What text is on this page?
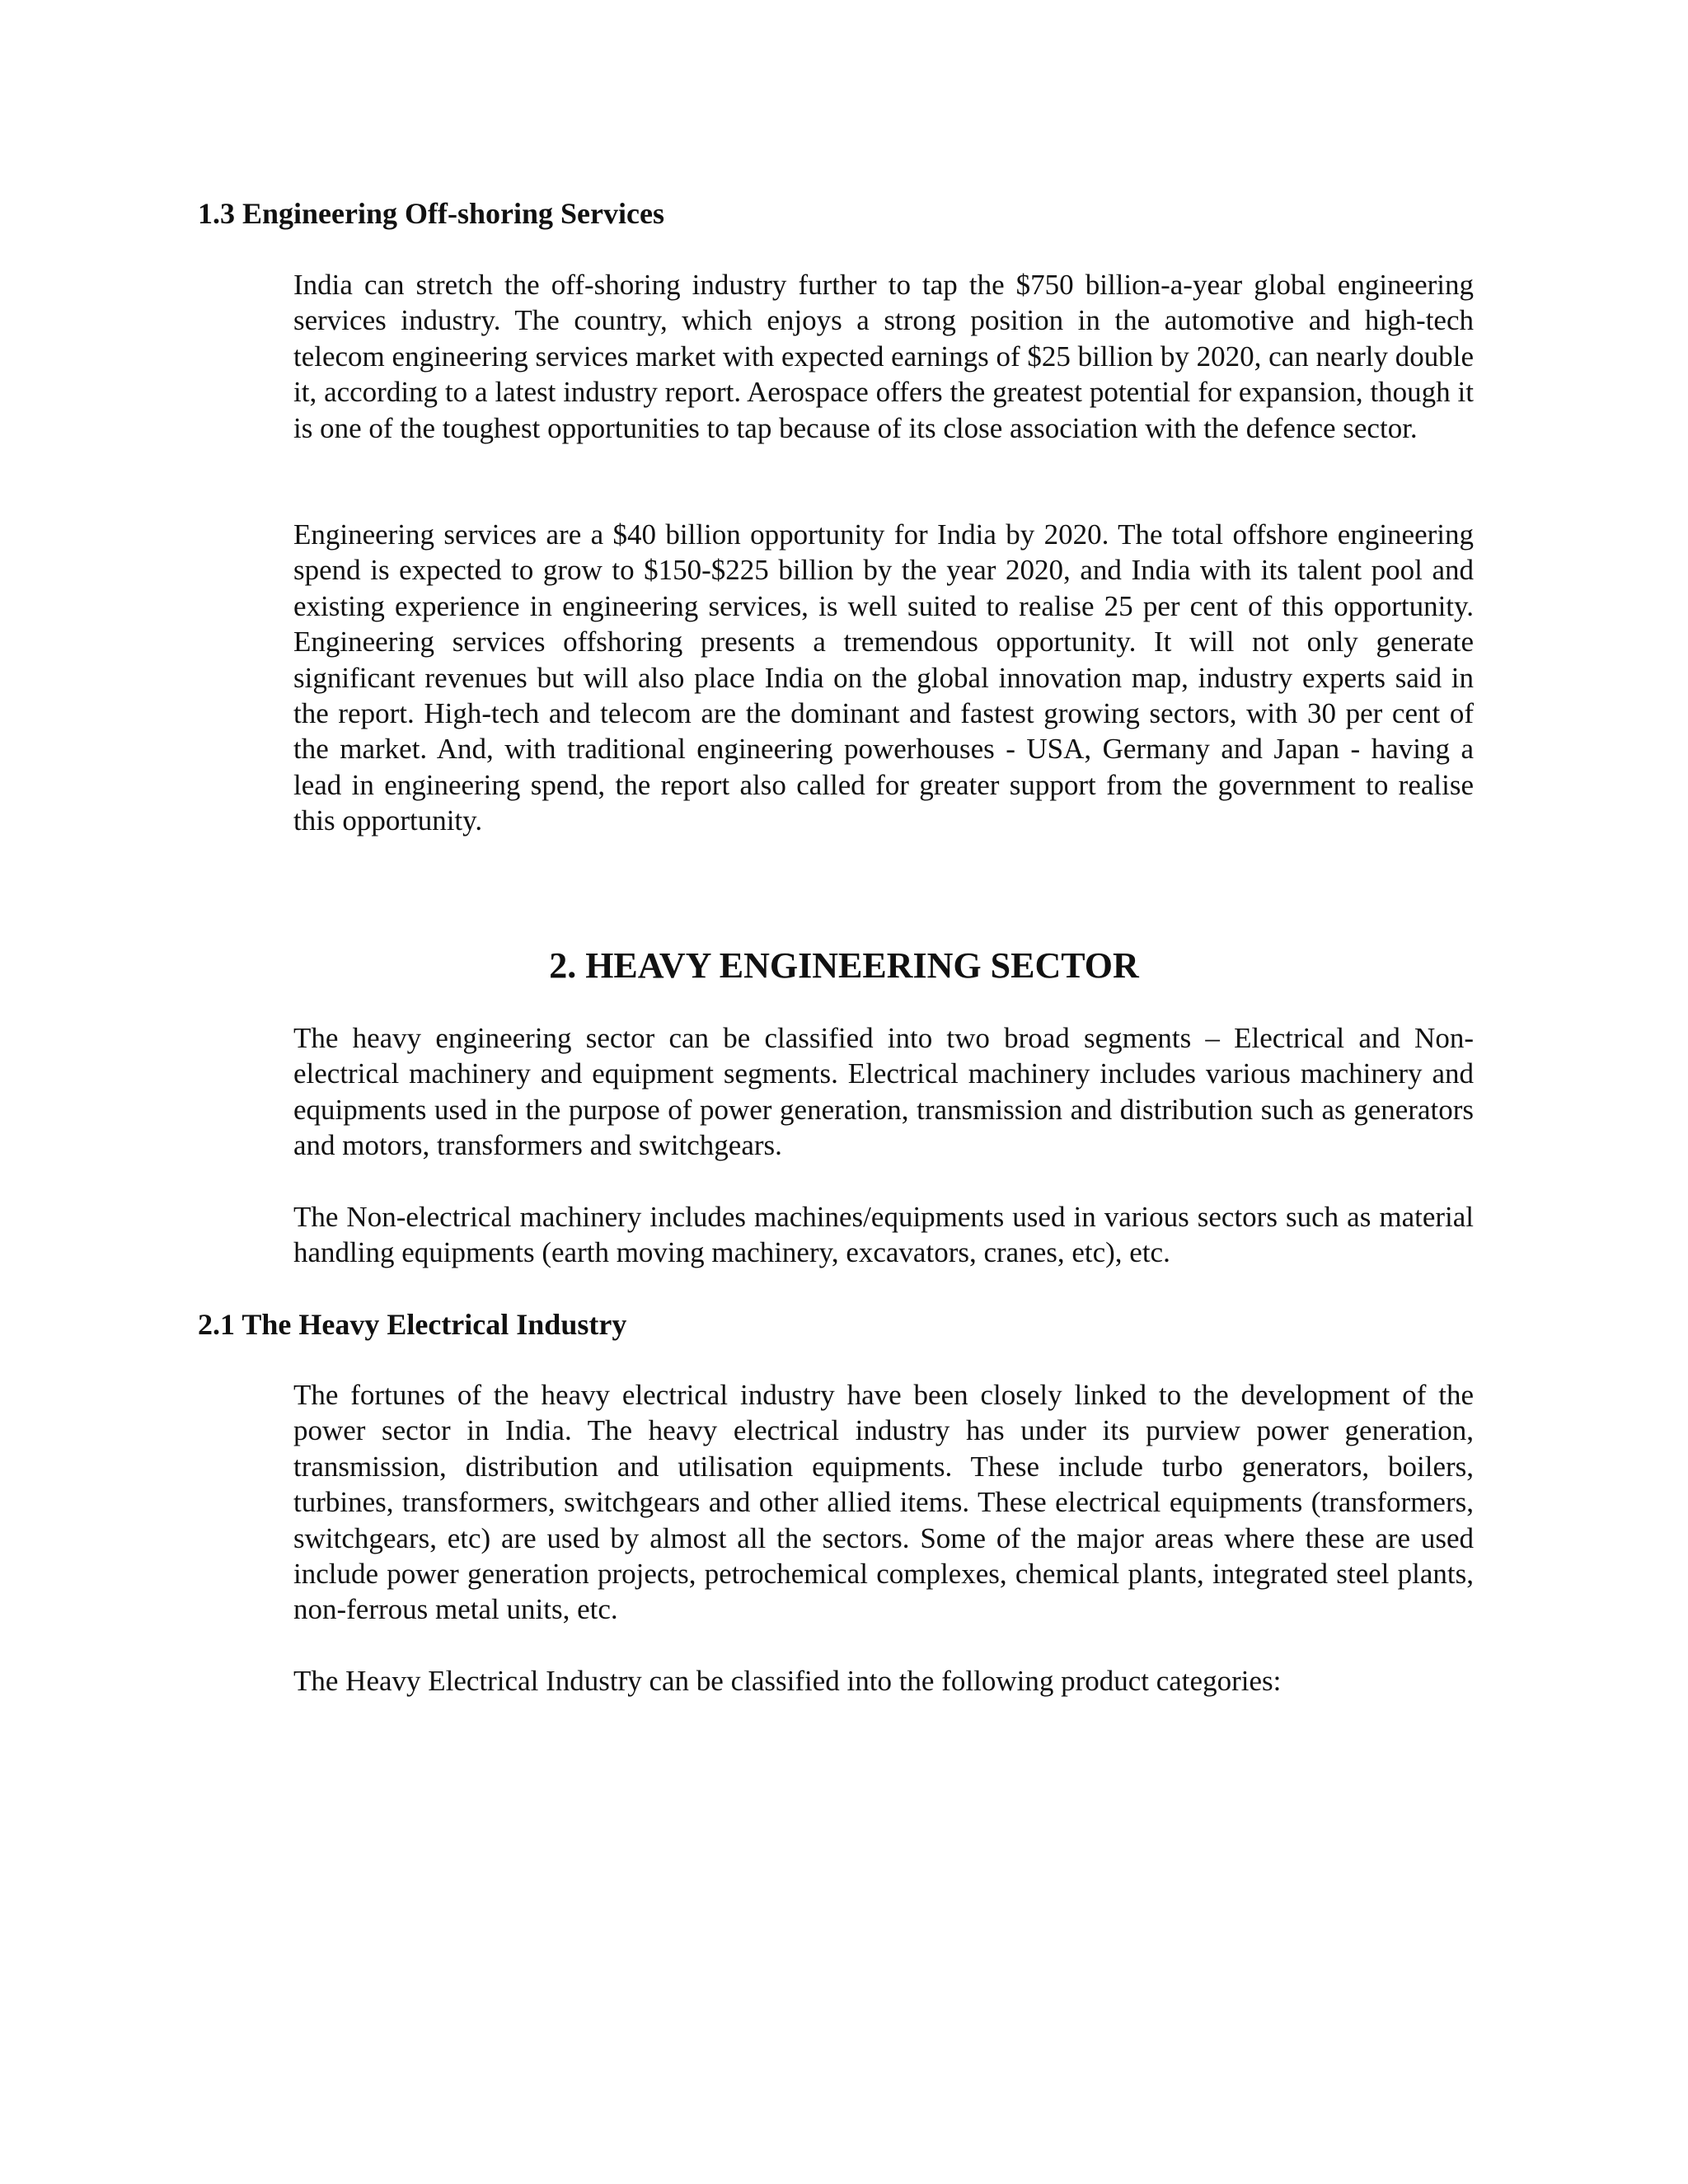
1.3 Engineering Off-shoring Services

India can stretch the off-shoring industry further to tap the $750 billion-a-year global engineering services industry. The country, which enjoys a strong position in the automotive and high-tech telecom engineering services market with expected earnings of $25 billion by 2020, can nearly double it, according to a latest industry report. Aerospace offers the greatest potential for expansion, though it is one of the toughest opportunities to tap because of its close association with the defence sector.

Engineering services are a $40 billion opportunity for India by 2020. The total offshore engineering spend is expected to grow to $150-$225 billion by the year 2020, and India with its talent pool and existing experience in engineering services, is well suited to realise 25 per cent of this opportunity. Engineering services offshoring presents a tremendous opportunity. It will not only generate significant revenues but will also place India on the global innovation map, industry experts said in the report. High-tech and telecom are the dominant and fastest growing sectors, with 30 per cent of the market. And, with traditional engineering powerhouses - USA, Germany and Japan - having a lead in engineering spend, the report also called for greater support from the government to realise this opportunity.

2. HEAVY ENGINEERING SECTOR

The heavy engineering sector can be classified into two broad segments – Electrical and Non-electrical machinery and equipment segments. Electrical machinery includes various machinery and equipments used in the purpose of power generation, transmission and distribution such as generators and motors, transformers and switchgears.

The Non-electrical machinery includes machines/equipments used in various sectors such as material handling equipments (earth moving machinery, excavators, cranes, etc), etc.

2.1 The Heavy Electrical Industry

The fortunes of the heavy electrical industry have been closely linked to the development of the power sector in India. The heavy electrical industry has under its purview power generation, transmission, distribution and utilisation equipments. These include turbo generators, boilers, turbines, transformers, switchgears and other allied items. These electrical equipments (transformers, switchgears, etc) are used by almost all the sectors. Some of the major areas where these are used include power generation projects, petrochemical complexes, chemical plants, integrated steel plants, non-ferrous metal units, etc.

The Heavy Electrical Industry can be classified into the following product categories:
